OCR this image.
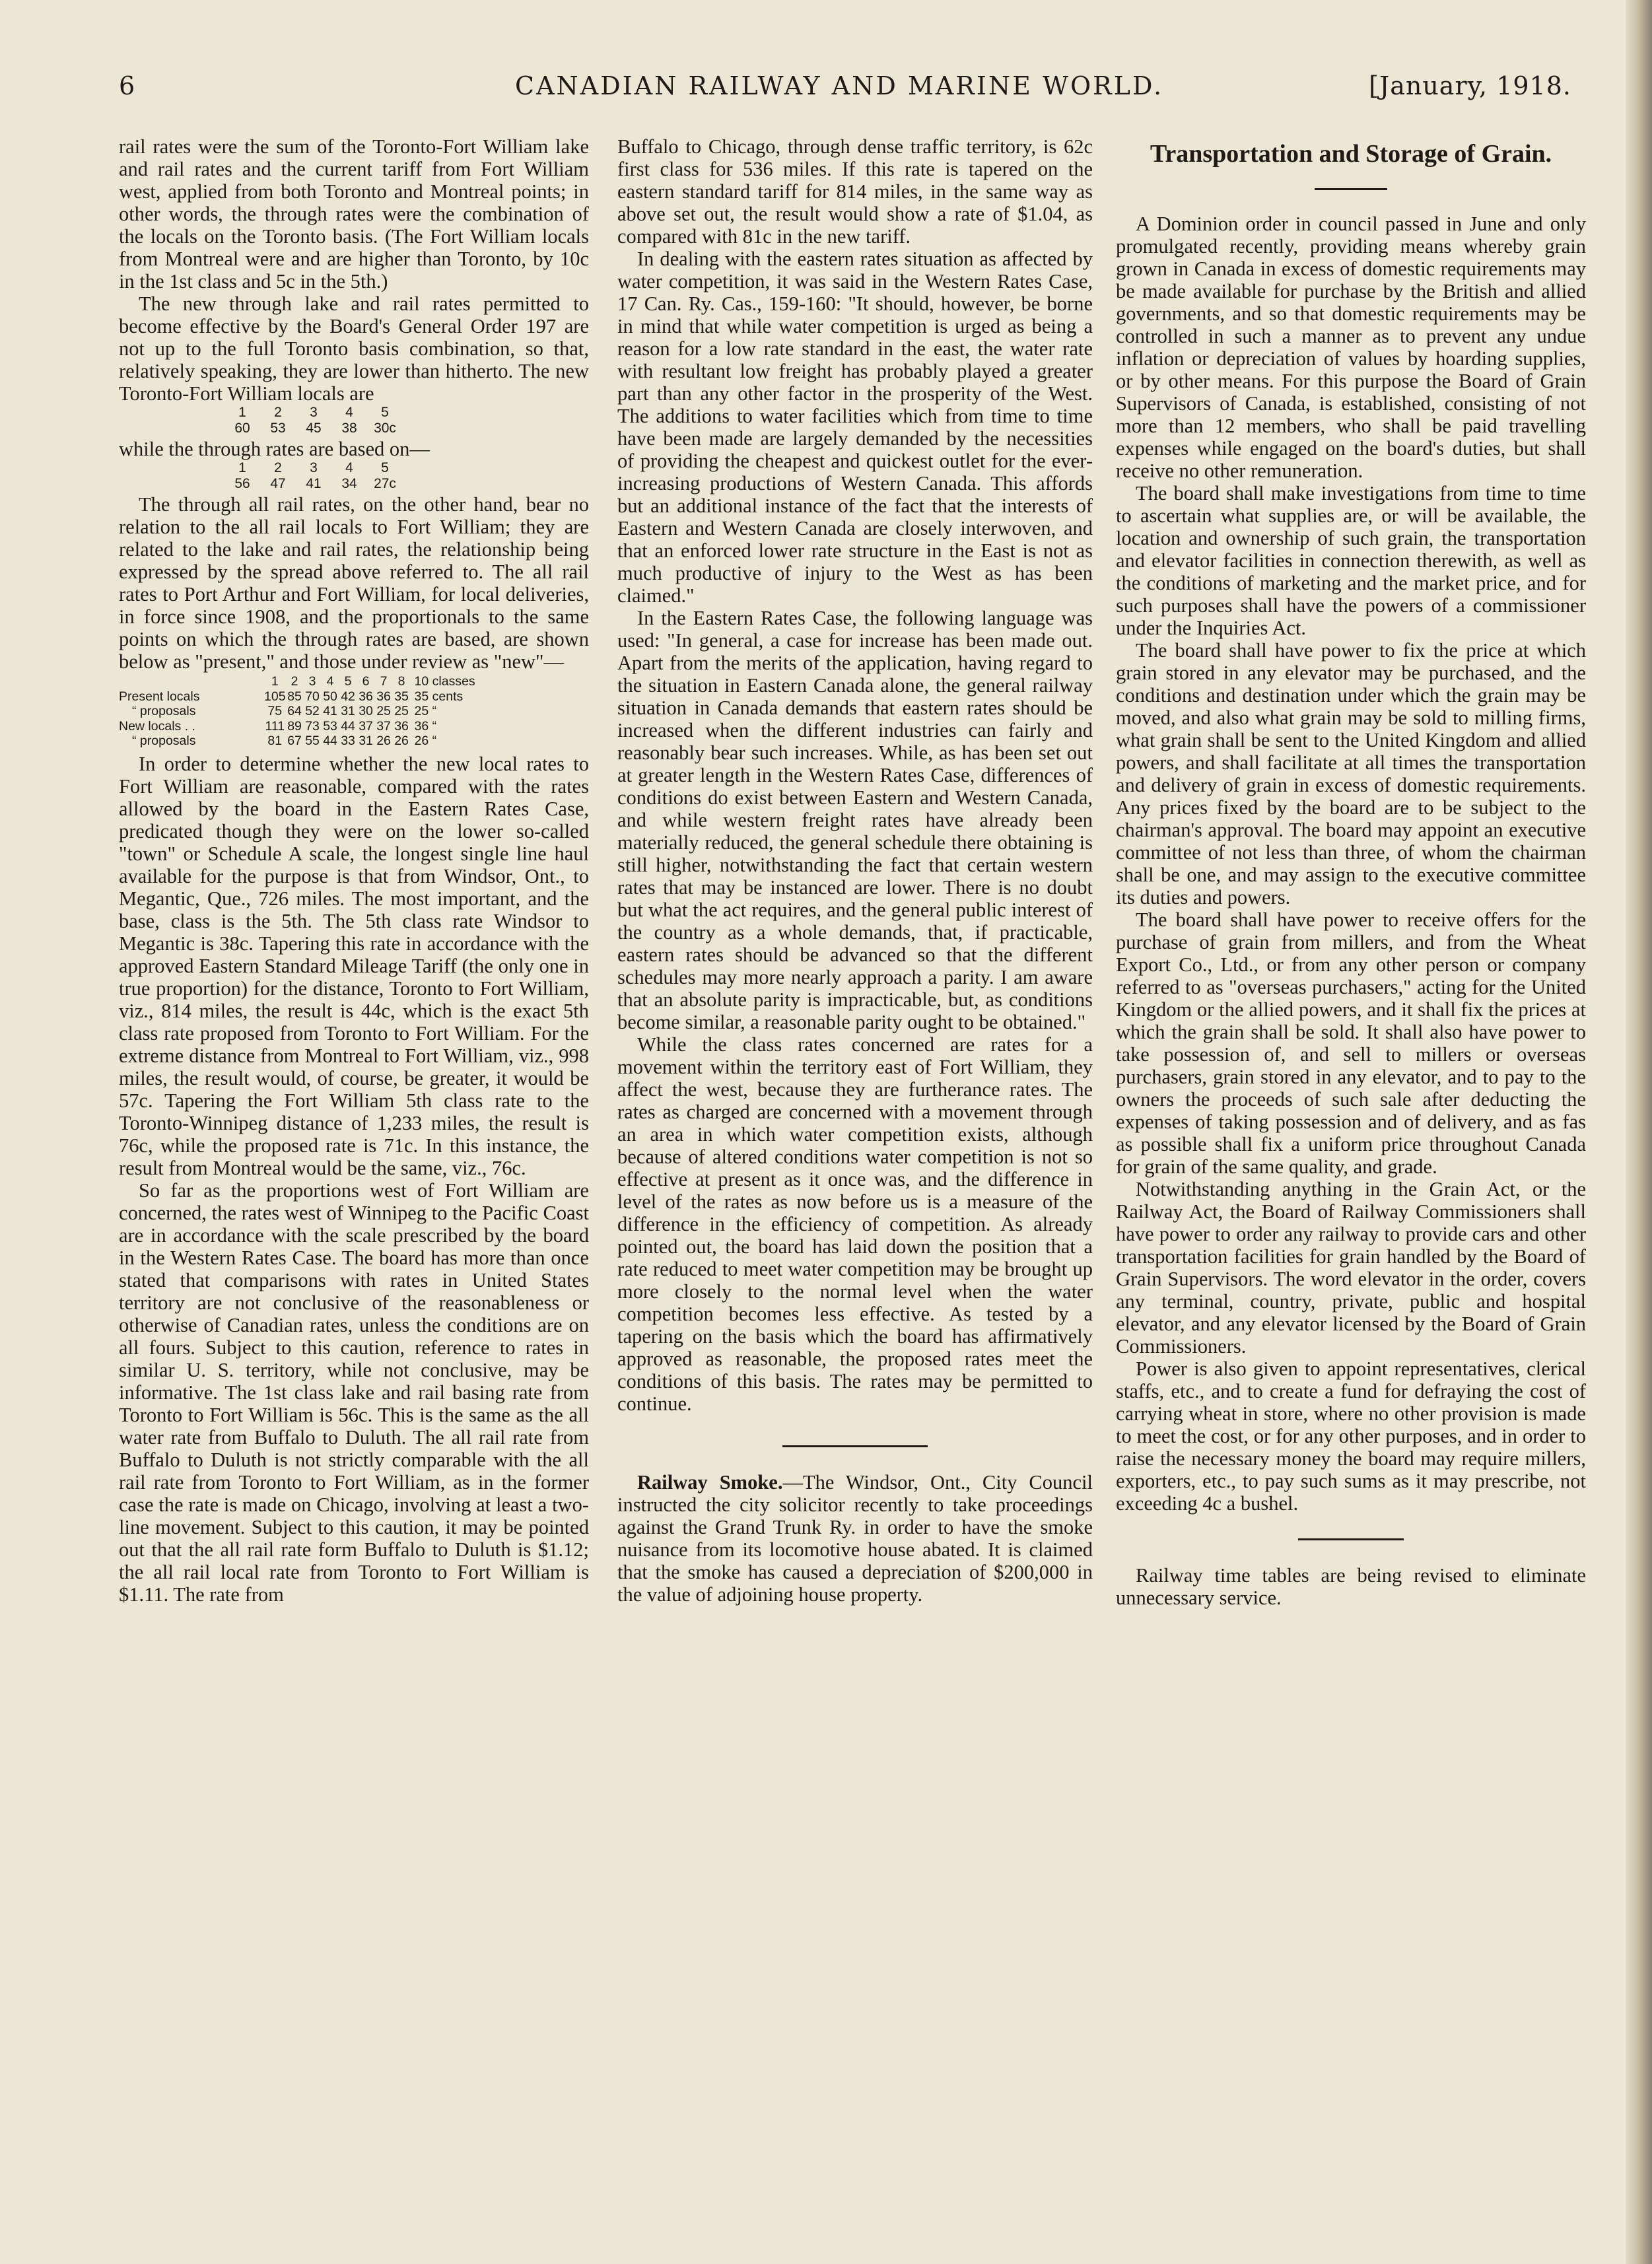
6	CANADIAN RAILWAY AND MARINE WORLD.	[January, 1918.

rail rates were the sum of the Toronto-Fort William lake and rail rates and the current tariff from Fort William west, applied from both Toronto and Montreal points; in other words, the through rates were the combination of the locals on the Toronto basis. (The Fort William locals from Montreal were and are higher than Toronto, by 10c in the 1st class and 5c in the 5th.)

The new through lake and rail rates permitted to become effective by the Board's General Order 197 are not up to the full Toronto basis combination, so that, relatively speaking, they are lower than hitherto. The new Toronto-Fort William locals are

1	2	3	4	5
60	53	45	38	30c

while the through rates are based on—

1	2	3	4	5
56	47	41	34	27c

The through all rail rates, on the other hand, bear no relation to the all rail locals to Fort William; they are related to the lake and rail rates, the relationship being expressed by the spread above referred to. The all rail rates to Port Arthur and Fort William, for local deliveries, in force since 1908, and the proportionals to the same points on which the through rates are based, are shown below as "present," and those under review as "new"—

	1	2	3	4	5	6	7	8	10 classes
Present locals	105	85	70	50	42	36	36	35	35 cents
“ proposals	75	64	52	41	31	30	25	25	25 “
New locals . .	111	89	73	53	44	37	37	36	36 “
“ proposals	81	67	55	44	33	31	26	26	26 “

In order to determine whether the new local rates to Fort William are reasonable, compared with the rates allowed by the board in the Eastern Rates Case, predicated though they were on the lower so-called "town" or Schedule A scale, the longest single line haul available for the purpose is that from Windsor, Ont., to Megantic, Que., 726 miles. The most important, and the base, class is the 5th. The 5th class rate Windsor to Megantic is 38c. Tapering this rate in accordance with the approved Eastern Standard Mileage Tariff (the only one in true proportion) for the distance, Toronto to Fort William, viz., 814 miles, the result is 44c, which is the exact 5th class rate proposed from Toronto to Fort William. For the extreme distance from Montreal to Fort William, viz., 998 miles, the result would, of course, be greater, it would be 57c. Tapering the Fort William 5th class rate to the Toronto-Winnipeg distance of 1,233 miles, the result is 76c, while the proposed rate is 71c. In this instance, the result from Montreal would be the same, viz., 76c.

So far as the proportions west of Fort William are concerned, the rates west of Winnipeg to the Pacific Coast are in accordance with the scale prescribed by the board in the Western Rates Case. The board has more than once stated that comparisons with rates in United States territory are not conclusive of the reasonableness or otherwise of Canadian rates, unless the conditions are on all fours. Subject to this caution, reference to rates in similar U. S. territory, while not conclusive, may be informative. The 1st class lake and rail basing rate from Toronto to Fort William is 56c. This is the same as the all water rate from Buffalo to Duluth. The all rail rate from Buffalo to Duluth is not strictly comparable with the all rail rate from Toronto to Fort William, as in the former case the rate is made on Chicago, involving at least a two-line movement. Subject to this caution, it may be pointed out that the all rail rate form Buffalo to Duluth is $1.12; the all rail local rate from Toronto to Fort William is $1.11. The rate from

Buffalo to Chicago, through dense traffic territory, is 62c first class for 536 miles. If this rate is tapered on the eastern standard tariff for 814 miles, in the same way as above set out, the result would show a rate of $1.04, as compared with 81c in the new tariff.

In dealing with the eastern rates situation as affected by water competition, it was said in the Western Rates Case, 17 Can. Ry. Cas., 159-160: "It should, however, be borne in mind that while water competition is urged as being a reason for a low rate standard in the east, the water rate with resultant low freight has probably played a greater part than any other factor in the prosperity of the West. The additions to water facilities which from time to time have been made are largely demanded by the necessities of providing the cheapest and quickest outlet for the ever-increasing productions of Western Canada. This affords but an additional instance of the fact that the interests of Eastern and Western Canada are closely interwoven, and that an enforced lower rate structure in the East is not as much productive of injury to the West as has been claimed."

In the Eastern Rates Case, the following language was used: "In general, a case for increase has been made out. Apart from the merits of the application, having regard to the situation in Eastern Canada alone, the general railway situation in Canada demands that eastern rates should be increased when the different industries can fairly and reasonably bear such increases. While, as has been set out at greater length in the Western Rates Case, differences of conditions do exist between Eastern and Western Canada, and while western freight rates have already been materially reduced, the general schedule there obtaining is still higher, notwithstanding the fact that certain western rates that may be instanced are lower. There is no doubt but what the act requires, and the general public interest of the country as a whole demands, that, if practicable, eastern rates should be advanced so that the different schedules may more nearly approach a parity. I am aware that an absolute parity is impracticable, but, as conditions become similar, a reasonable parity ought to be obtained."

While the class rates concerned are rates for a movement within the territory east of Fort William, they affect the west, because they are furtherance rates. The rates as charged are concerned with a movement through an area in which water competition exists, although because of altered conditions water competition is not so effective at present as it once was, and the difference in level of the rates as now before us is a measure of the difference in the efficiency of competition. As already pointed out, the board has laid down the position that a rate reduced to meet water competition may be brought up more closely to the normal level when the water competition becomes less effective. As tested by a tapering on the basis which the board has affirmatively approved as reasonable, the proposed rates meet the conditions of this basis. The rates may be permitted to continue.

Railway Smoke.—The Windsor, Ont., City Council instructed the city solicitor recently to take proceedings against the Grand Trunk Ry. in order to have the smoke nuisance from its locomotive house abated. It is claimed that the smoke has caused a depreciation of $200,000 in the value of adjoining house property.

Transportation and Storage of Grain.

A Dominion order in council passed in June and only promulgated recently, providing means whereby grain grown in Canada in excess of domestic requirements may be made available for purchase by the British and allied governments, and so that domestic requirements may be controlled in such a manner as to prevent any undue inflation or depreciation of values by hoarding supplies, or by other means. For this purpose the Board of Grain Supervisors of Canada, is established, consisting of not more than 12 members, who shall be paid travelling expenses while engaged on the board's duties, but shall receive no other remuneration.

The board shall make investigations from time to time to ascertain what supplies are, or will be available, the location and ownership of such grain, the transportation and elevator facilities in connection therewith, as well as the conditions of marketing and the market price, and for such purposes shall have the powers of a commissioner under the Inquiries Act.

The board shall have power to fix the price at which grain stored in any elevator may be purchased, and the conditions and destination under which the grain may be moved, and also what grain may be sold to milling firms, what grain shall be sent to the United Kingdom and allied powers, and shall facilitate at all times the transportation and delivery of grain in excess of domestic requirements. Any prices fixed by the board are to be subject to the chairman's approval. The board may appoint an executive committee of not less than three, of whom the chairman shall be one, and may assign to the executive committee its duties and powers.

The board shall have power to receive offers for the purchase of grain from millers, and from the Wheat Export Co., Ltd., or from any other person or company referred to as "overseas purchasers," acting for the United Kingdom or the allied powers, and it shall fix the prices at which the grain shall be sold. It shall also have power to take possession of, and sell to millers or overseas purchasers, grain stored in any elevator, and to pay to the owners the proceeds of such sale after deducting the expenses of taking possession and of delivery, and as fas as possible shall fix a uniform price throughout Canada for grain of the same quality, and grade.

Notwithstanding anything in the Grain Act, or the Railway Act, the Board of Railway Commissioners shall have power to order any railway to provide cars and other transportation facilities for grain handled by the Board of Grain Supervisors. The word elevator in the order, covers any terminal, country, private, public and hospital elevator, and any elevator licensed by the Board of Grain Commissioners.

Power is also given to appoint representatives, clerical staffs, etc., and to create a fund for defraying the cost of carrying wheat in store, where no other provision is made to meet the cost, or for any other purposes, and in order to raise the necessary money the board may require millers, exporters, etc., to pay such sums as it may prescribe, not exceeding 4c a bushel.

Railway time tables are being revised to eliminate unnecessary service.
